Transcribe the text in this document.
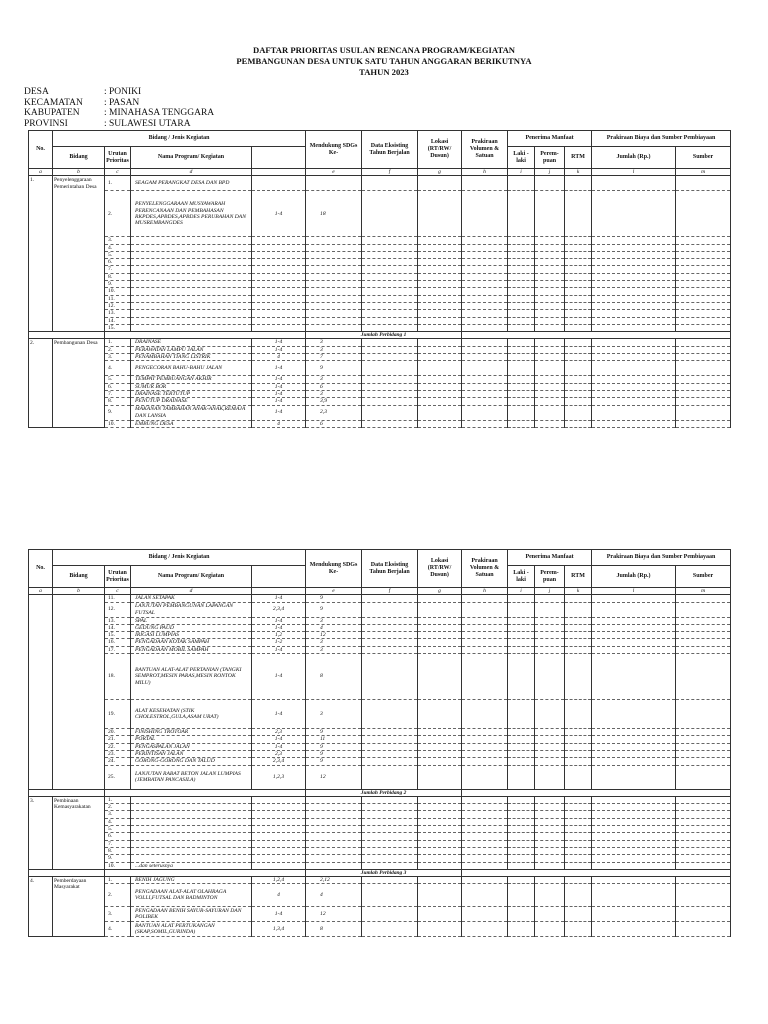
DAFTAR PRIORITAS USULAN RENCANA PROGRAM/KEGIATAN
PEMBANGUNAN DESA UNTUK SATU TAHUN ANGGARAN BERIKUTNYA
TAHUN 2023
DESA	: PONIKI
KECAMATAN	: PASAN
KABUPATEN	: MINAHASA TENGGARA
PROVINSI	: SULAWESI UTARA
No.	Bidang / Jenis Kegiatan				Mendukung SDGs Ke-	Data Eksisting Tahun Berjalan	Lokasi (RT/RW/ Dusun)	Prakiraan Volumen & Satuan	Penerima Manfaat			Prakiraan Biaya dan Sumber Pembiayaan	
	Bidang	Urutan Prioritas	Nama Program/ Kegiatan						Laki -laki	Perem- puan	RTM	Jumlah (Rp.)	Sumber
a	b	c	d		e	f	g	h	i	j	k	l	m
1.	Penyelenggaraan Pemerintahan Desa	1.	SEAGAM PERANGKAT DESA DAN BPD										
		2.	PENYELENGGARAAN MUSYAWARAH PERENCANAAN DAN PEMBAHASAN RKPDES,APBDES,APBDES PERUBAHAN DAN MUSREMBANGDES	1-4	18								
		3.											
		4.											
		5.											
		6.											
		7.											
		8.											
		9.											
		10.											
		11.											
		12.											
		13.											
		14.											
		15.											
					Jumlah Perbidang 1								
2.	Pembangunan Desa	1.	DRAINASE	1-4	3								
		2.	PERAWATAN LAMPU JALAN	1-4	3								
		3.	PENAMBAHAN TIANG LISTRIK	4	7								
		4.	PENGECORAN BAHU-BAHU JALAN	1-4	9								
		5.	TEMPAT PEMBUANGAN AKHIR	1-4	3								
		6.	SUMUR BOR	1-4	6								
		7.	DRAINASE TERTUTUP	1-4	3								
		8.	PENUTUP DRAINASE	1-4	3,9								
		9.	MAKANAN TAMBAHAN ANAK-ANAK,REMAJA DAN LANSIA	1-4	2,3								
		10.	EMBUNG DESA	4	6								
No.	Bidang / Jenis Kegiatan				Mendukung SDGs Ke-	Data Eksisting Tahun Berjalan	Lokasi (RT/RW/ Dusun)	Prakiraan Volumen & Satuan	Penerima Manfaat			Prakiraan Biaya dan Sumber Pembiayaan	
	Bidang	Urutan Prioritas	Nama Program/ Kegiatan						Laki -laki	Perem- puan	RTM	Jumlah (Rp.)	Sumber
a	b	c	d		e	f	g	h	i	j	k	l	m
		11.	JALAN SETAPAK	1-4	9								
		12.	LANJUTAN PEMBANGUNAN LAPANGAN FUTSAL	2,3,4	9								
		13.	SPAL	1-4	3								
		14.	GEDUNG PAUD	1-4	4								
		15.	IRIGASI LUMPIAS	1,2	12								
		16.	PENGADAAN KOTAK SAMPAH	1-2	3								
		17.	PENGADAAN MOBIL SAMPAH	1-4	3								
		18.	BANTUAN ALAT-ALAT PERTANIAN (TANGKI SEMPROT,MESIN PARAS,MESIN RONTOK MILU)	1-4	8								
		19.	ALAT KESEHATAN (STIK CHOLESTROL,GULA,ASAM URAT)	1-4	3								
		20.	FINISHING TROTOAR	2,3	9								
		21.	PORTAL	1-4	11								
		22.	PENGASPALAN JALAN	1-4	9								
		23.	PERINTISAN JALAN	2,3	9								
		24.	GORONG-GORONG DAN TALUD	2,3,4	9								
		25.	LANJUTAN RABAT BETON JALAN LUMPIAS (JEMBATAN PANCASILA)	1,2,3	12								
					Jumlah Perbidang 2								
3.	Pembinaan Kemasyarakatan	1.											
		2.											
		3.											
		4.											
		5.											
		6.											
		7.											
		8.											
		9.											
		10.	...dan seterusnya										
					Jumlah Perbidang 3								
4.	Pemberdayaan Masyarakat	1.	BENIH JAGUNG	1,2,4	2,12								
		2.	PENGADAAN ALAT-ALAT OLAHRAGA VOLLI,FUTSAL DAN BADMINTON	4	4								
		3.	PENGADAAN BENIH SAYUR-SAYURAN DAN POLIBEK	1-4	12								
		4.	BANTUAN ALAT PERTUKANGAN (SKAP,SOMIL,GURINDA)	1,3,4	8								
